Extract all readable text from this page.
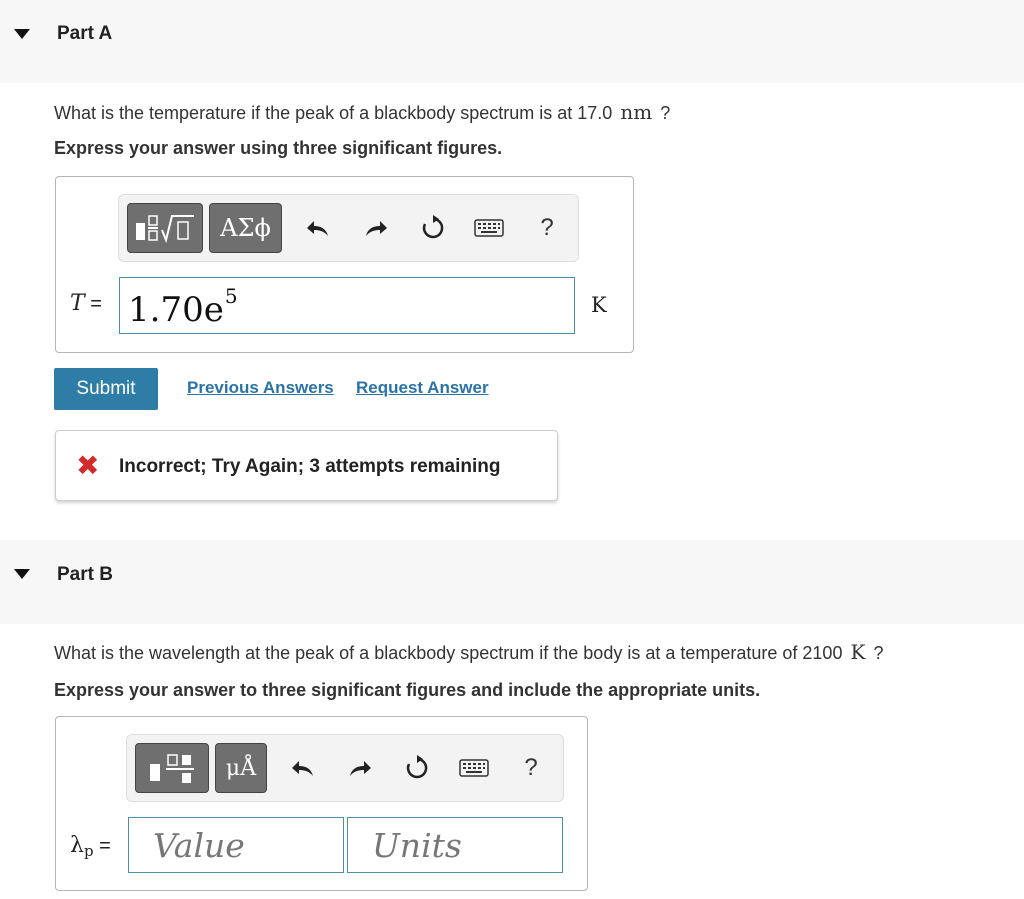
Part A
What is the temperature if the peak of a blackbody spectrum is at 17.0 nm ?
Express your answer using three significant figures.
ΑΣϕ	?
$T = 1.70e^5$	K
Submit	Previous Answers Request Answer
✖ Incorrect; Try Again; 3 attempts remaining
Part B
What is the wavelength at the peak of a blackbody spectrum if the body is at a temperature of 2100 K ?
Express your answer to three significant figures and include the appropriate units.
μÅ	?
$\lambda_p$ = Value	Units
